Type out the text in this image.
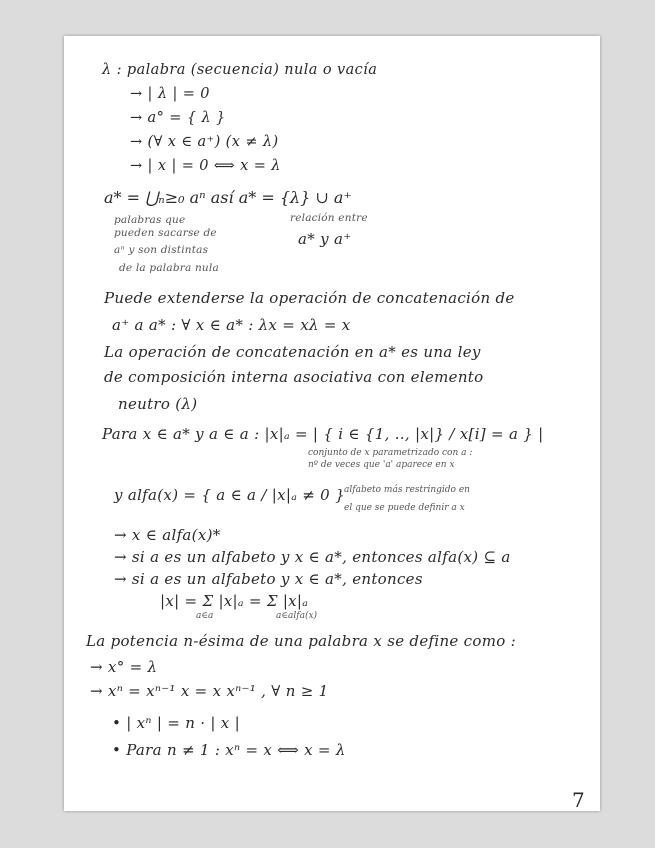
λ : palabra (secuencia) nula o vacía
→ | λ | = 0
→ a° = { λ }
→ (∀ x ∈ a⁺) (x ≠ λ)
→ | x | = 0 ⟺ x = λ
a* = ⋃ₙ≥₀ aⁿ así a* = {λ} ∪ a⁺
palabras que
pueden sacarse de
aⁿ y son distintas
de la palabra nula
relación entre
a* y a⁺
Puede extenderse la operación de concatenación de
a⁺ a a* : ∀ x ∈ a* : λx = xλ = x
La operación de concatenación en a* es una ley
de composición interna asociativa con elemento
neutro (λ)
Para x ∈ a* y a ∈ a : |x|ₐ = | { i ∈ {1, .., |x|} / x[i] = a } |
conjunto de x parametrizado con a :
nº de veces que 'a' aparece en x
y alfa(x) = { a ∈ a / |x|ₐ ≠ 0 } alfabeto más restringido en
el que se puede definir a x
→ x ∈ alfa(x)*
→ si a es un alfabeto y x ∈ a*, entonces alfa(x) ⊆ a
→ si a es un alfabeto y x ∈ a*, entonces
|x| = Σ |x|ₐ = Σ |x|ₐ
a∈a	a∈alfa(x)
La potencia n-ésima de una palabra x se define como :
→ x° = λ
→ xⁿ = xⁿ⁻¹ x = x xⁿ⁻¹ , ∀ n ≥ 1
• | xⁿ | = n · | x |
• Para n ≠ 1 : xⁿ = x ⟺ x = λ
7
